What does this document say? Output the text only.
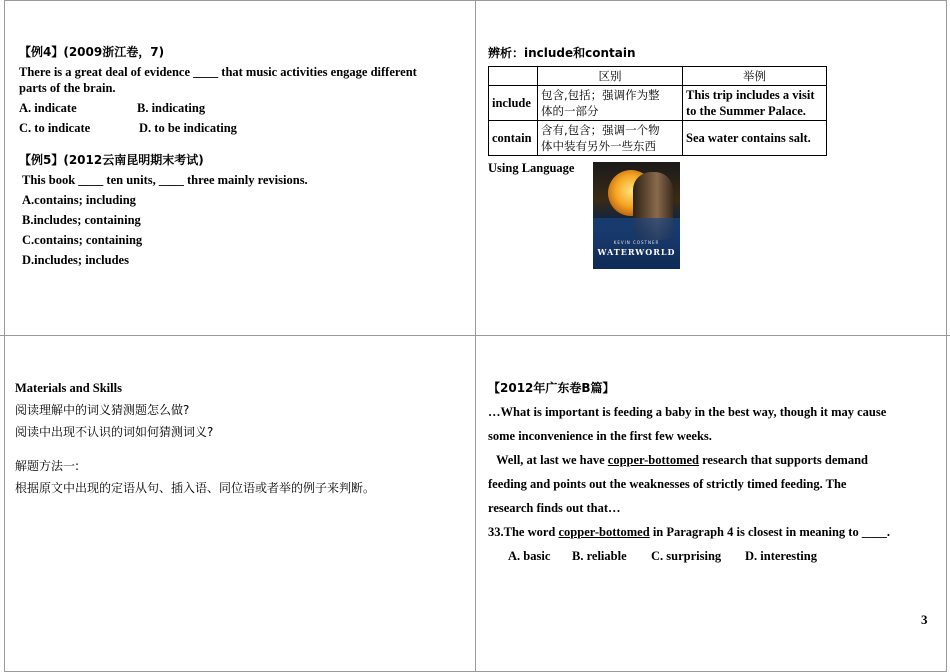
【例4】(2009浙江卷，7)

There is a great deal of evidence ____ that music activities engage different

parts of the brain.

A. indicate	B. indicating

C. to indicate	D. to be indicating

【例5】(2012云南昆明期末考试)

This book ____ ten units, ____ three mainly revisions.

A.contains; including

B.includes; containing

C.contains; containing

D.includes; includes

辨析：include和contain

	区别	举例
include	包含,包括；强调作为整
体的一部分	This trip includes a visit
to the Summer Palace.
contain	含有,包含；强调一个物
体中装有另外一些东西	Sea water contains salt.

Using Language

KEVIN COSTNER
WATERWORLD

Materials and Skills

阅读理解中的词义猜测题怎么做?

阅读中出现不认识的词如何猜测词义?

解题方法一:

根据原文中出现的定语从句、插入语、同位语或者举的例子来判断。

【2012年广东卷B篇】

…What is important is feeding a baby in the best way, though it may cause

some inconvenience in the first few weeks.

Well, at last we have copper-bottomed research that supports demand

feeding and points out the weaknesses of strictly timed feeding. The

research finds out that…

33.The word copper-bottomed in Paragraph 4 is closest in meaning to ____.

A. basic B. reliable C. surprising D. interesting

3
